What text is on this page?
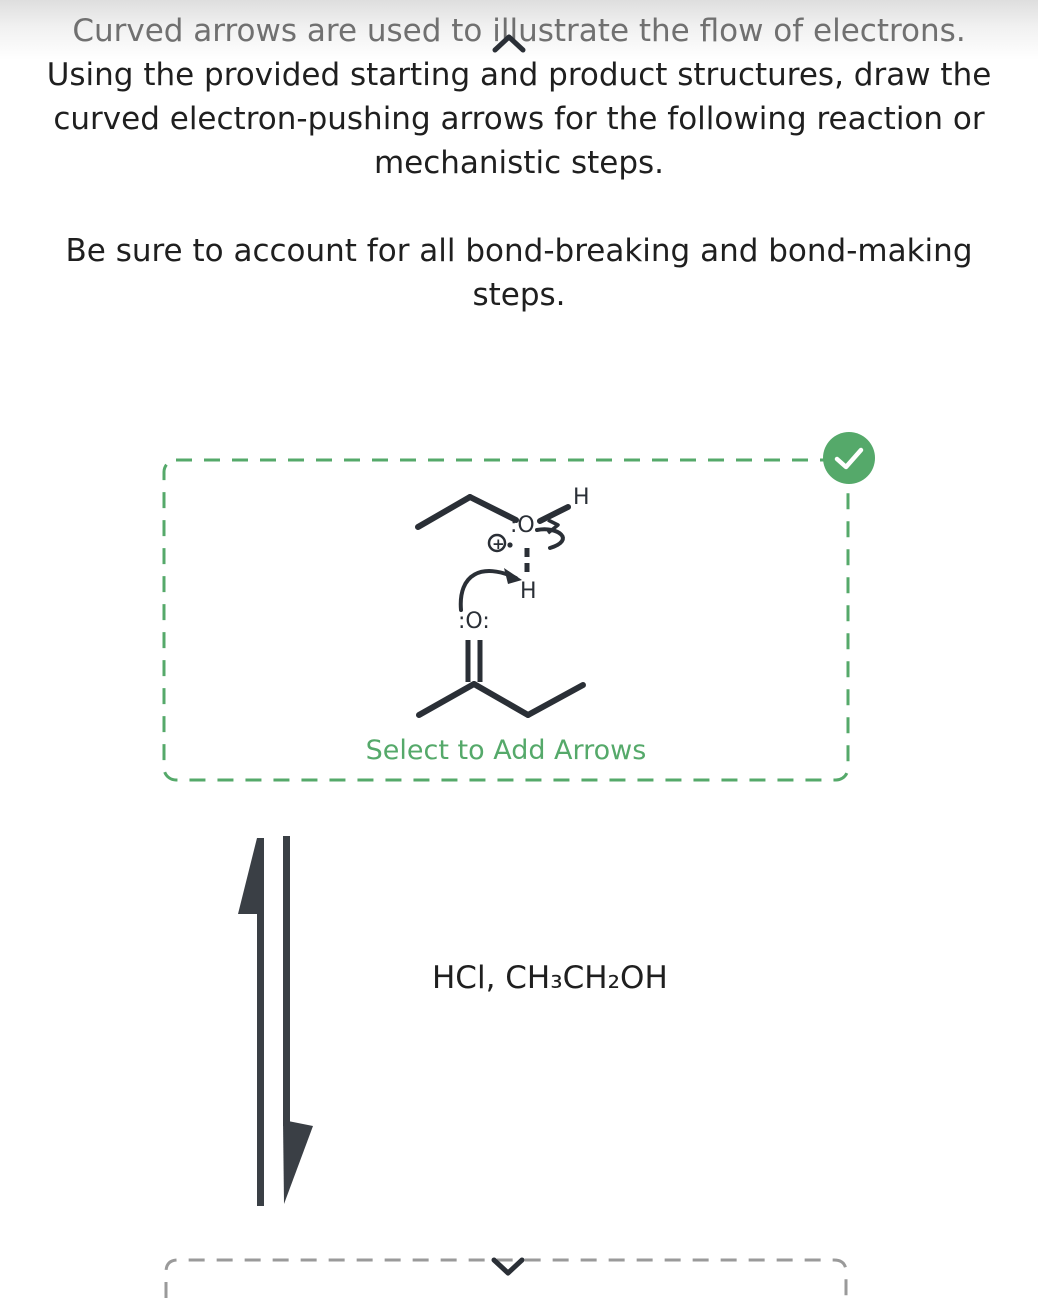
Curved arrows are used to illustrate the flow of electrons.

Using the provided starting and product structures, draw the

curved electron-pushing arrows for the following reaction or

mechanistic steps.

Be sure to account for all bond-breaking and bond-making

steps.

H
:O
+
H
:O:
Select to Add Arrows
HCl, CH₃CH₂OH
